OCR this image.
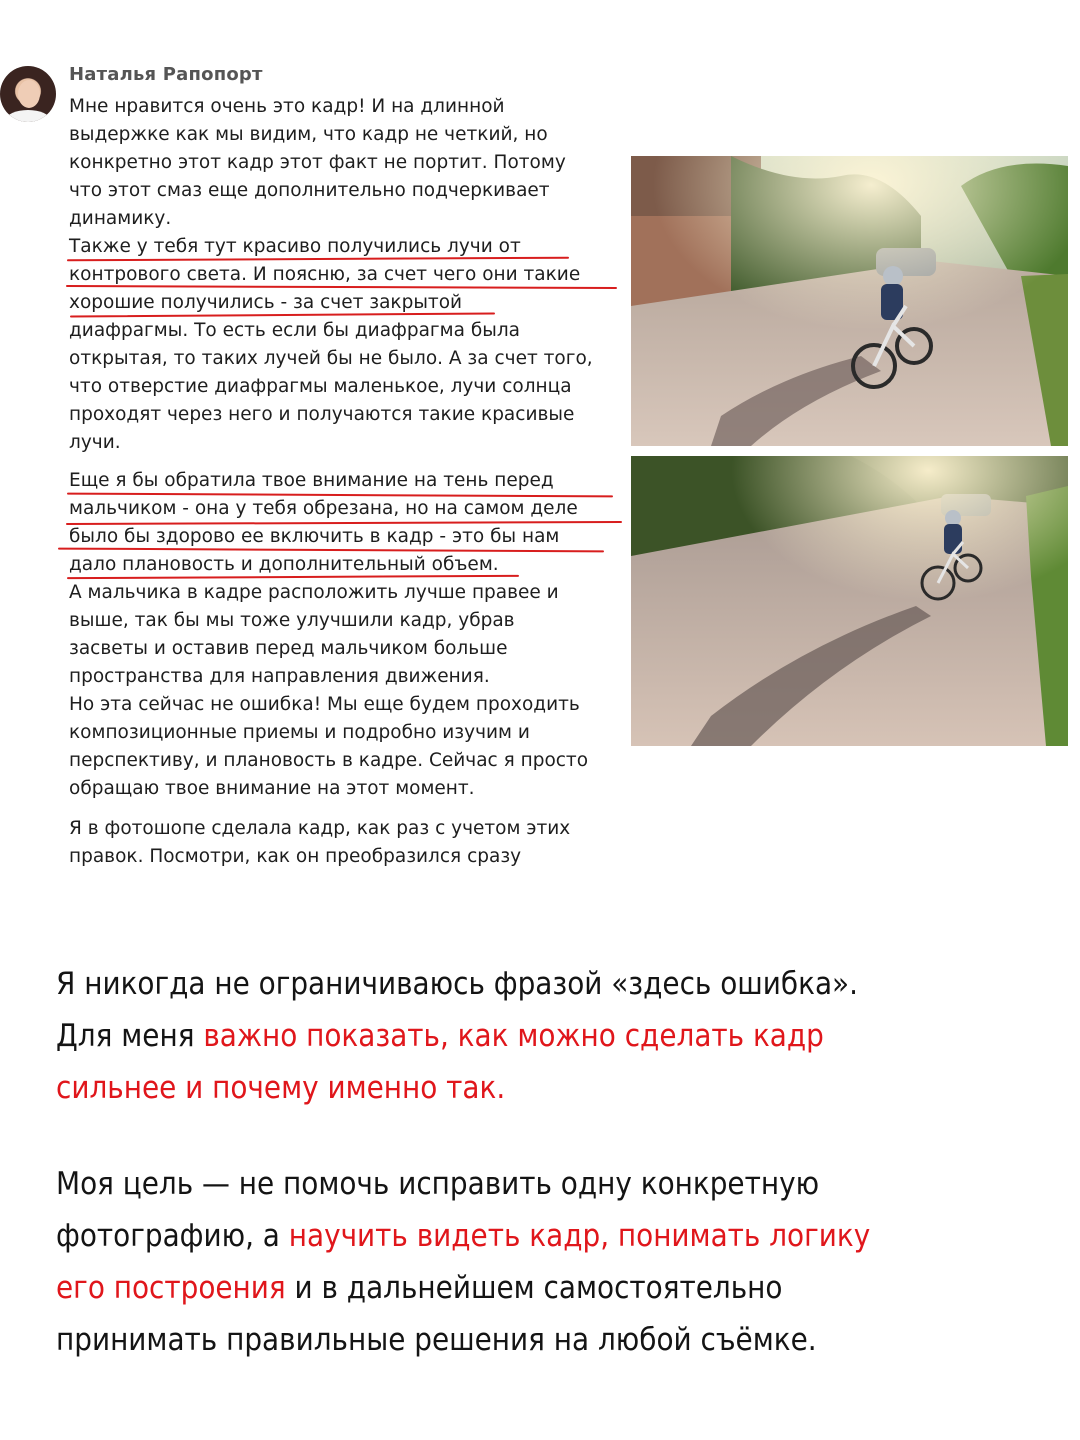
Наталья Рапопорт
Мне нравится очень это кадр! И на длинной
выдержке как мы видим, что кадр не четкий, но
конкретно этот кадр этот факт не портит. Потому
что этот смаз еще дополнительно подчеркивает
динамику.
Также у тебя тут красиво получились лучи от
контрового света. И поясню, за счет чего они такие
хорошие получились - за счет закрытой
диафрагмы. То есть если бы диафрагма была
открытая, то таких лучей бы не было. А за счет того,
что отверстие диафрагмы маленькое, лучи солнца
проходят через него и получаются такие красивые
лучи.
Еще я бы обратила твое внимание на тень перед
мальчиком - она у тебя обрезана, но на самом деле
было бы здорово ее включить в кадр - это бы нам
дало плановость и дополнительный объем.
А мальчика в кадре расположить лучше правее и
выше, так бы мы тоже улучшили кадр, убрав
засветы и оставив перед мальчиком больше
пространства для направления движения.
Но эта сейчас не ошибка! Мы еще будем проходить
композиционные приемы и подробно изучим и
перспективу, и плановость в кадре. Сейчас я просто
обращаю твое внимание на этот момент.
Я в фотошопе сделала кадр, как раз с учетом этих
правок. Посмотри, как он преобразился сразу
Я никогда не ограничиваюсь фразой «здесь ошибка».
Для меня важно показать, как можно сделать кадр
сильнее и почему именно так.
Моя цель — не помочь исправить одну конкретную
фотографию, а научить видеть кадр, понимать логику
его построения и в дальнейшем самостоятельно
принимать правильные решения на любой съёмке.
